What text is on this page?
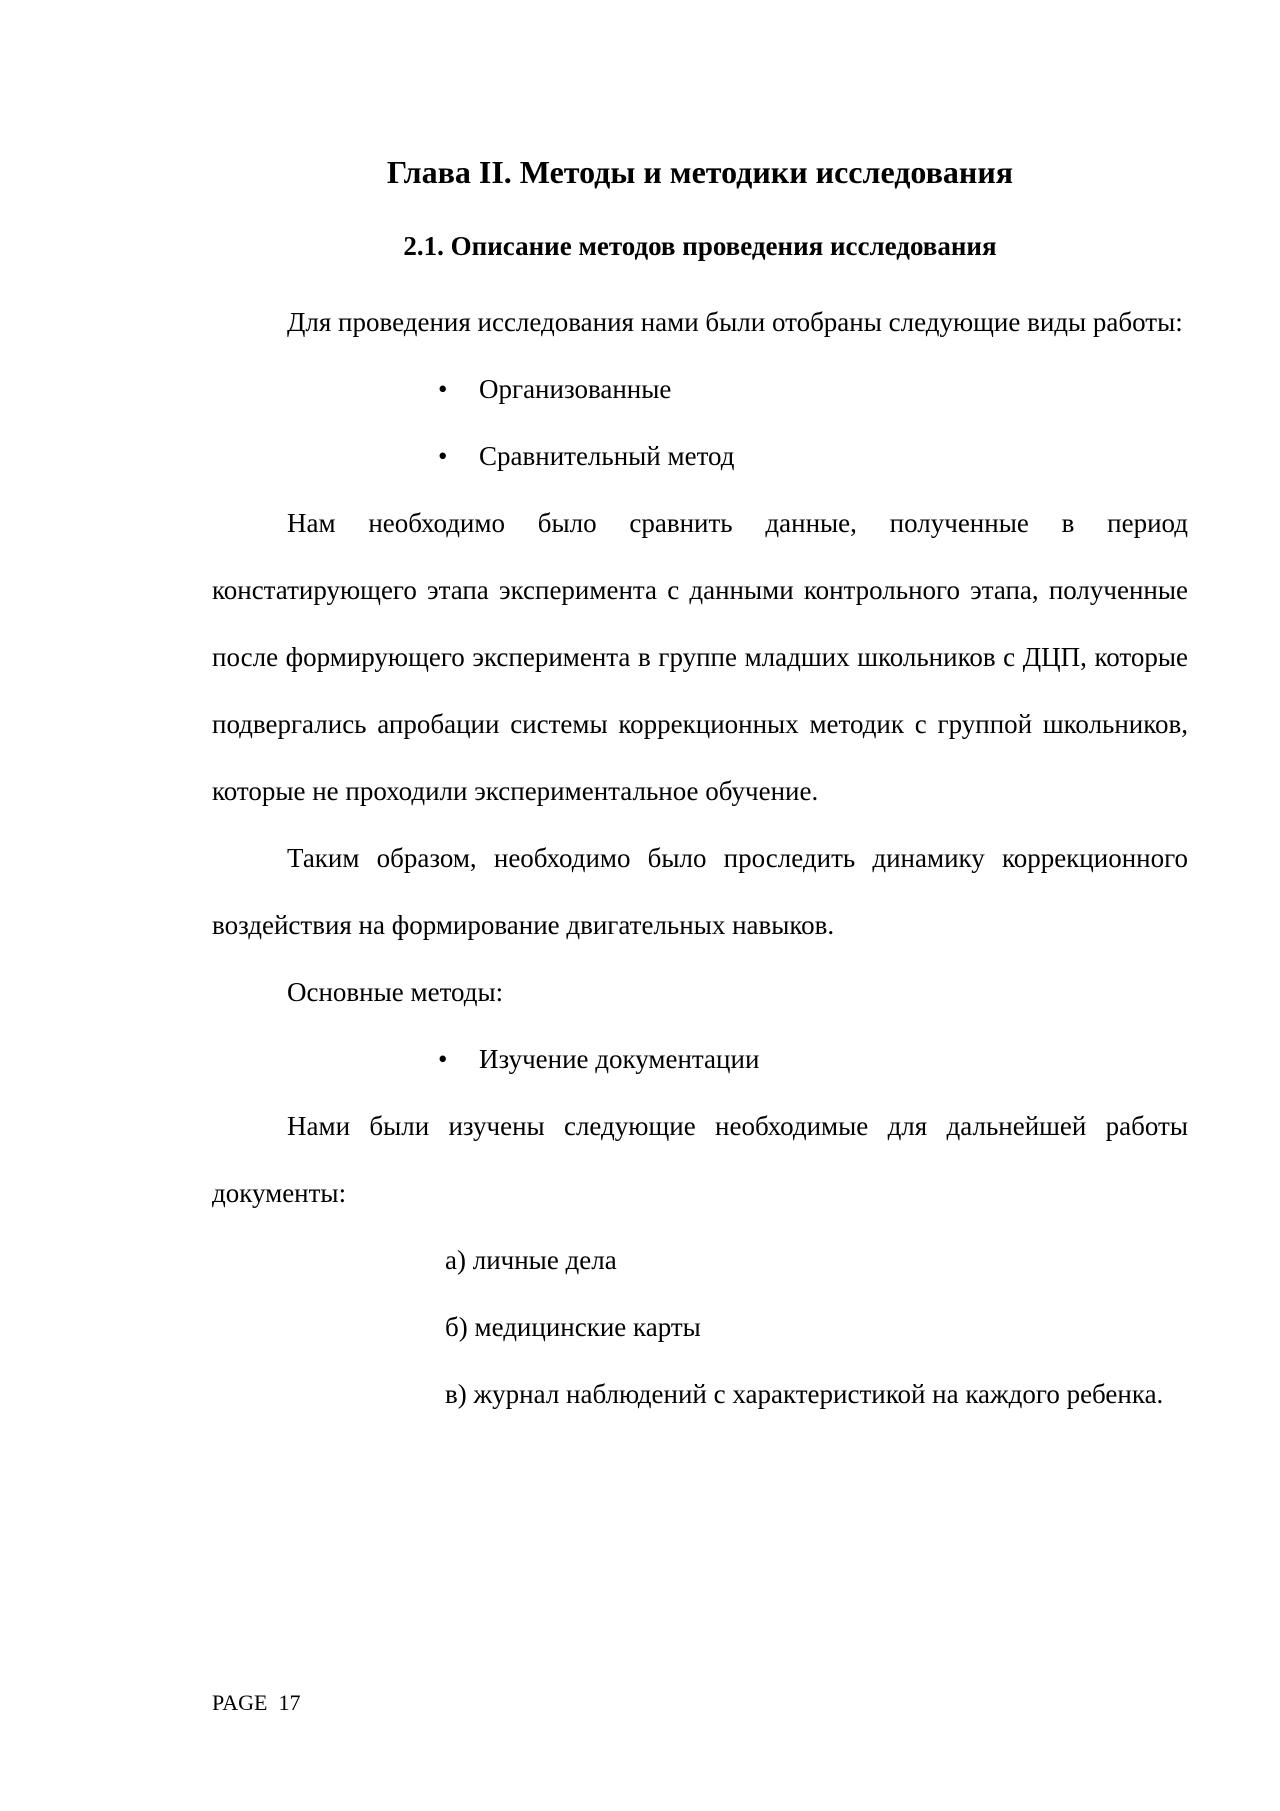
Глава II. Методы и методики исследования
2.1. Описание методов проведения исследования

Для проведения исследования нами были отобраны следующие виды работы:

• Организованные
• Сравнительный метод

Нам необходимо было сравнить данные, полученные в период констатирующего этапа эксперимента с данными контрольного этапа, полученные после формирующего эксперимента в группе младших школьников с ДЦП, которые подвергались апробации системы коррекционных методик с группой школьников, которые не проходили экспериментальное обучение.

Таким образом, необходимо было проследить динамику коррекционного воздействия на формирование двигательных навыков.

Основные методы:

• Изучение документации

Нами были изучены следующие необходимые для дальнейшей работы документы:

а) личные дела
б) медицинские карты
в) журнал наблюдений с характеристикой на каждого ребенка.
PAGE 17
